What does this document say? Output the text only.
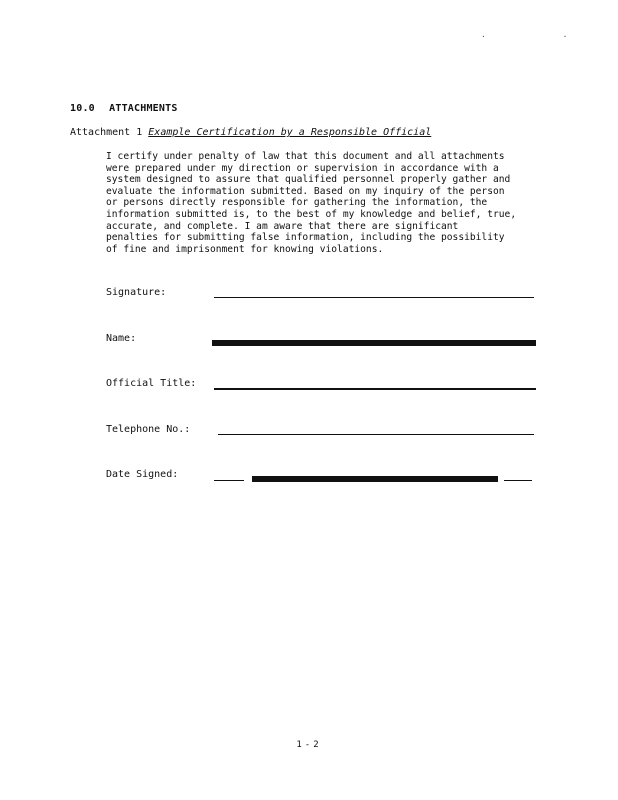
. .
10.0 ATTACHMENTS
Attachment 1 Example Certification by a Responsible Official
I certify under penalty of law that this document and all attachments
were prepared under my direction or supervision in accordance with a
system designed to assure that qualified personnel properly gather and
evaluate the information submitted. Based on my inquiry of the person
or persons directly responsible for gathering the information, the
information submitted is, to the best of my knowledge and belief, true,
accurate, and complete. I am aware that there are significant
penalties for submitting false information, including the possibility
of fine and imprisonment for knowing violations.
Signature:
Name:
Official Title:
Telephone No.:
Date Signed:
1-2
